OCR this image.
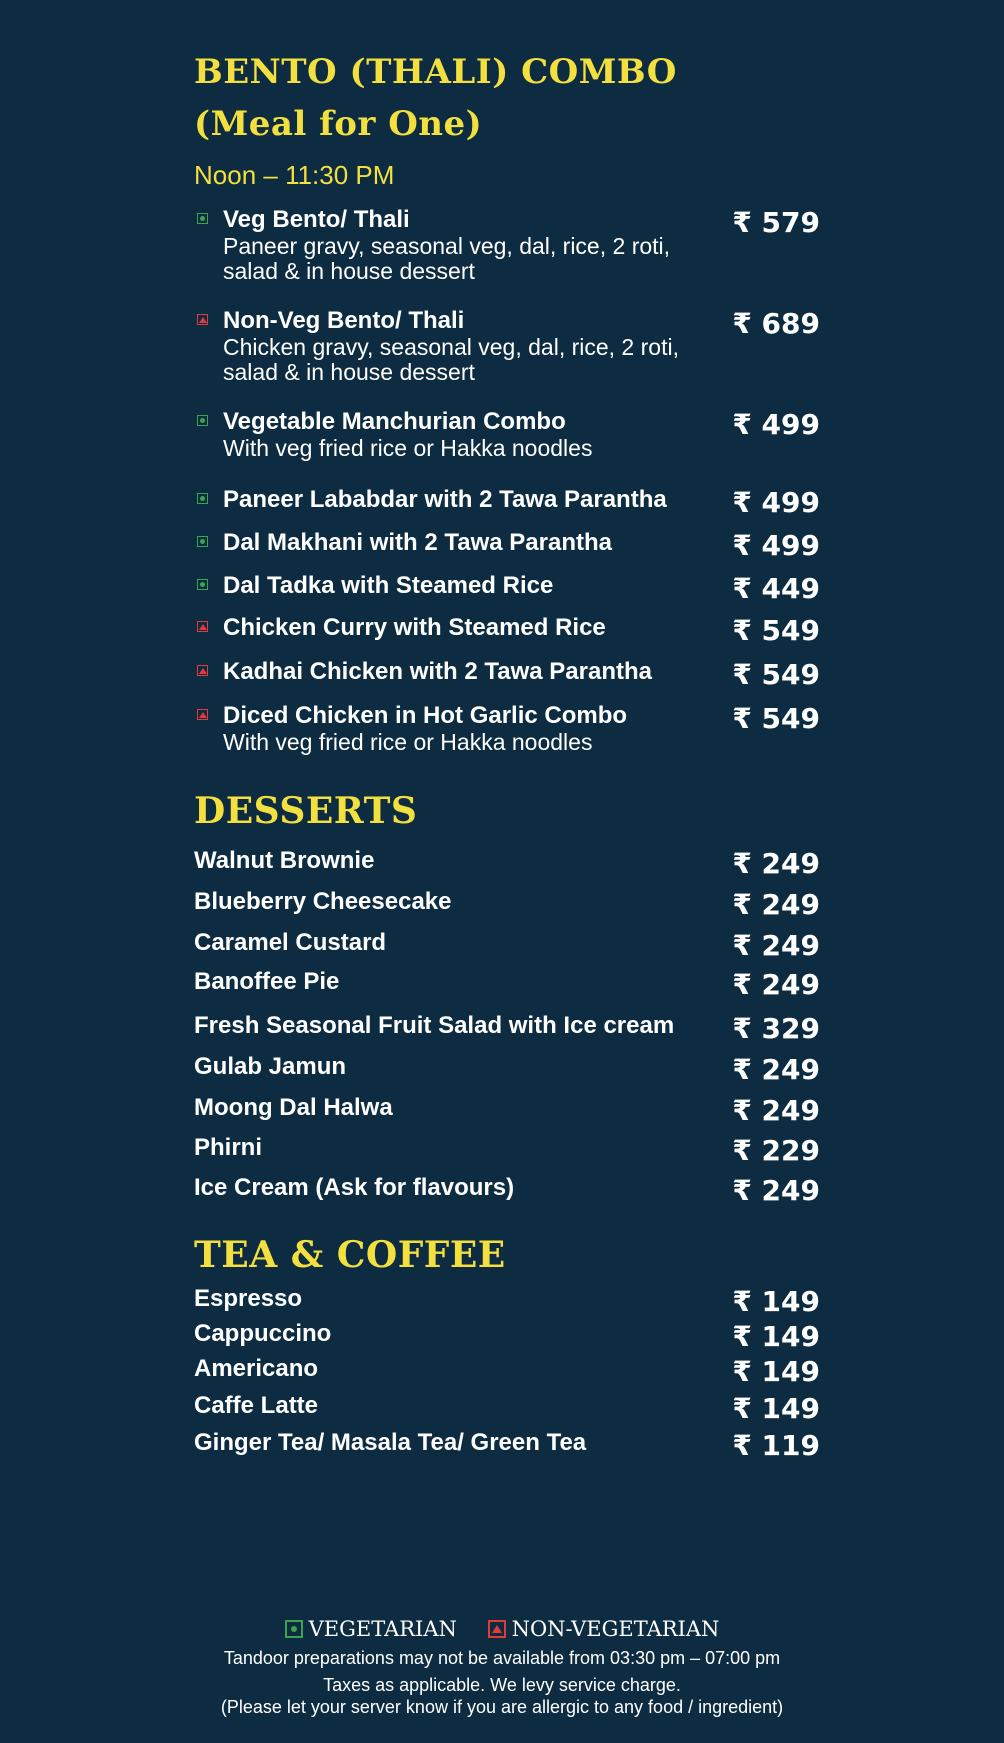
BENTO (THALI) COMBO
(Meal for One)
Noon – 11:30 PM
Veg Bento/ Thali
Paneer gravy, seasonal veg, dal, rice, 2 roti,
salad & in house dessert
₹ 579
Non-Veg Bento/ Thali
Chicken gravy, seasonal veg, dal, rice, 2 roti,
salad & in house dessert
₹ 689
Vegetable Manchurian Combo
With veg fried rice or Hakka noodles
₹ 499
Paneer Lababdar with 2 Tawa Parantha	₹ 499
Dal Makhani with 2 Tawa Parantha	₹ 499
Dal Tadka with Steamed Rice	₹ 449
Chicken Curry with Steamed Rice	₹ 549
Kadhai Chicken with 2 Tawa Parantha	₹ 549
Diced Chicken in Hot Garlic Combo
With veg fried rice or Hakka noodles
₹ 549
DESSERTS
Walnut Brownie	₹ 249
Blueberry Cheesecake	₹ 249
Caramel Custard	₹ 249
Banoffee Pie	₹ 249
Fresh Seasonal Fruit Salad with Ice cream	₹ 329
Gulab Jamun	₹ 249
Moong Dal Halwa	₹ 249
Phirni	₹ 229
Ice Cream (Ask for flavours)	₹ 249
TEA & COFFEE
Espresso	₹ 149
Cappuccino	₹ 149
Americano	₹ 149
Caffe Latte	₹ 149
Ginger Tea/ Masala Tea/ Green Tea	₹ 119
VEGETARIAN
	NON-VEGETARIAN
Tandoor preparations may not be available from 03:30 pm – 07:00 pm
Taxes as applicable. We levy service charge.
(Please let your server know if you are allergic to any food / ingredient)
